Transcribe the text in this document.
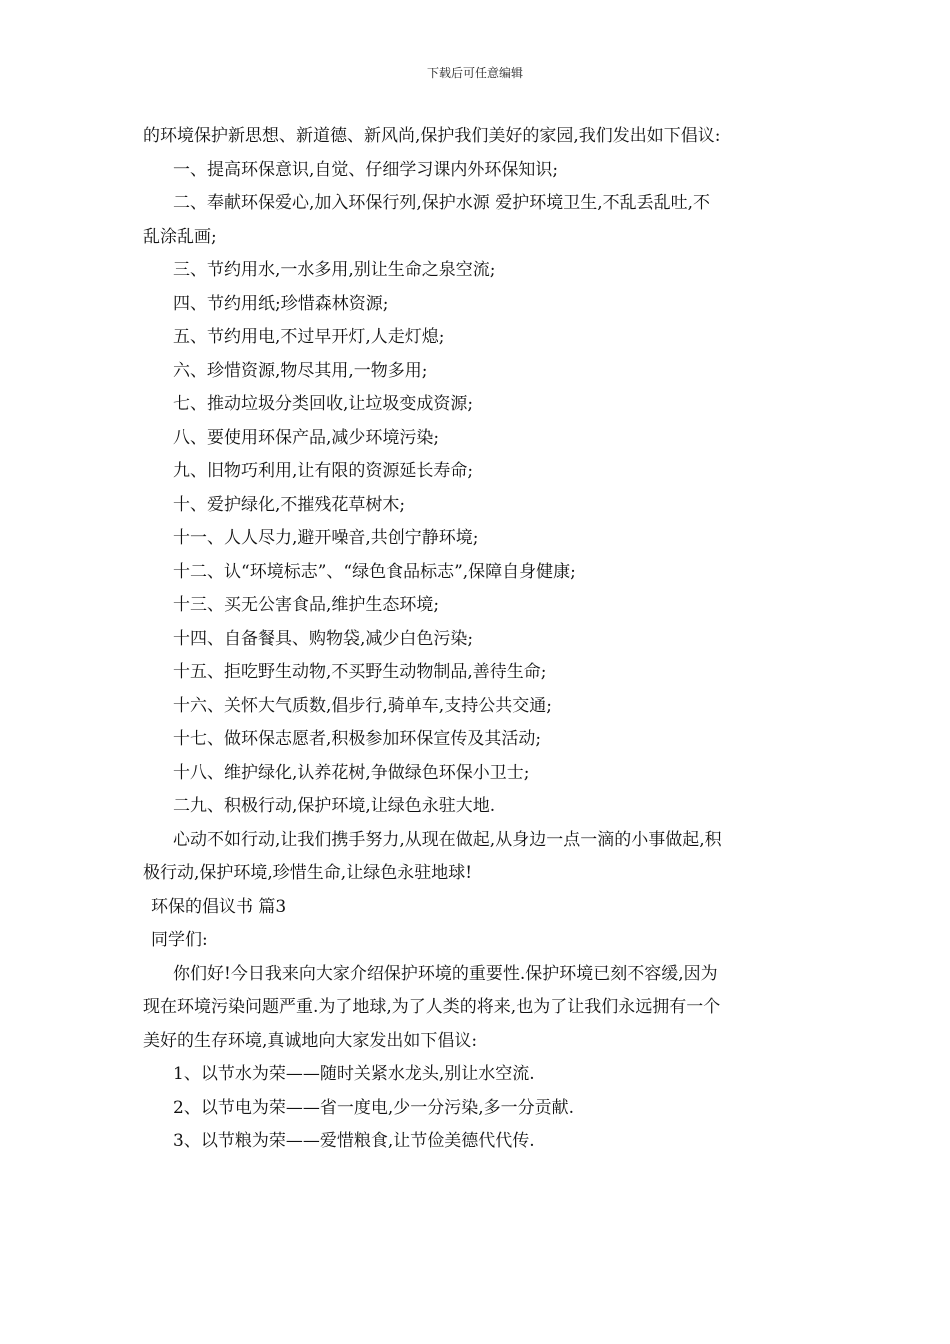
下载后可任意编辑
的环境保护新思想、新道德、新风尚,保护我们美好的家园,我们发出如下倡议:
一、提高环保意识,自觉、仔细学习课内外环保知识;
二、奉献环保爱心,加入环保行列,保护水源 爱护环境卫生,不乱丢乱吐,不
乱涂乱画;
三、节约用水,一水多用,别让生命之泉空流;
四、节约用纸;珍惜森林资源;
五、节约用电,不过早开灯,人走灯熄;
六、珍惜资源,物尽其用,一物多用;
七、推动垃圾分类回收,让垃圾变成资源;
八、要使用环保产品,减少环境污染;
九、旧物巧利用,让有限的资源延长寿命;
十、爱护绿化,不摧残花草树木;
十一、人人尽力,避开噪音,共创宁静环境;
十二、认“环境标志”、“绿色食品标志”,保障自身健康;
十三、买无公害食品,维护生态环境;
十四、自备餐具、购物袋,减少白色污染;
十五、拒吃野生动物,不买野生动物制品,善待生命;
十六、关怀大气质数,倡步行,骑单车,支持公共交通;
十七、做环保志愿者,积极参加环保宣传及其活动;
十八、维护绿化,认养花树,争做绿色环保小卫士;
二九、积极行动,保护环境,让绿色永驻大地.
心动不如行动,让我们携手努力,从现在做起,从身边一点一滴的小事做起,积
极行动,保护环境,珍惜生命,让绿色永驻地球!
环保的倡议书 篇3
同学们:
你们好!今日我来向大家介绍保护环境的重要性.保护环境已刻不容缓,因为
现在环境污染问题严重.为了地球,为了人类的将来,也为了让我们永远拥有一个
美好的生存环境,真诚地向大家发出如下倡议:
1、以节水为荣——随时关紧水龙头,别让水空流.
2、以节电为荣——省一度电,少一分污染,多一分贡献.
3、以节粮为荣——爱惜粮食,让节俭美德代代传.
